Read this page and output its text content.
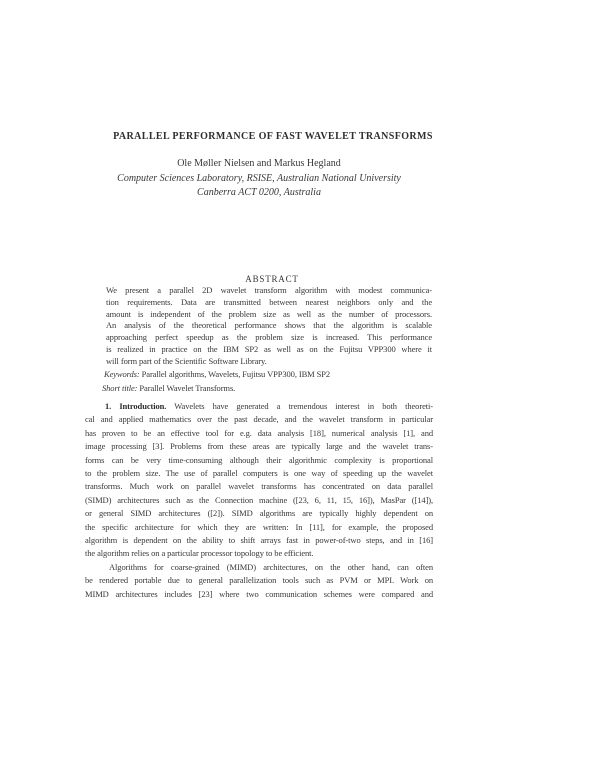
PARALLEL PERFORMANCE OF FAST WAVELET TRANSFORMS
Ole Møller Nielsen and Markus Hegland
Computer Sciences Laboratory, RSISE, Australian National University
Canberra ACT 0200, Australia
ABSTRACT
We present a parallel 2D wavelet transform algorithm with modest communica-
tion requirements. Data are transmitted between nearest neighbors only and the
amount is independent of the problem size as well as the number of processors.
An analysis of the theoretical performance shows that the algorithm is scalable
approaching perfect speedup as the problem size is increased. This performance
is realized in practice on the IBM SP2 as well as on the Fujitsu VPP300 where it
will form part of the Scientific Software Library.
Keywords: Parallel algorithms, Wavelets, Fujitsu VPP300, IBM SP2
Short title: Parallel Wavelet Transforms.
1. Introduction. Wavelets have generated a tremendous interest in both theoreti-
cal and applied mathematics over the past decade, and the wavelet transform in particular
has proven to be an effective tool for e.g. data analysis [18], numerical analysis [1], and
image processing [3]. Problems from these areas are typically large and the wavelet trans-
forms can be very time-consuming although their algorithmic complexity is proportional
to the problem size. The use of parallel computers is one way of speeding up the wavelet
transforms. Much work on parallel wavelet transforms has concentrated on data parallel
(SIMD) architectures such as the Connection machine ([23, 6, 11, 15, 16]), MasPar ([14]),
or general SIMD architectures ([2]). SIMD algorithms are typically highly dependent on
the specific architecture for which they are written: In [11], for example, the proposed
algorithm is dependent on the ability to shift arrays fast in power-of-two steps, and in [16]
the algorithm relies on a particular processor topology to be efficient.
Algorithms for coarse-grained (MIMD) architectures, on the other hand, can often
be rendered portable due to general parallelization tools such as PVM or MPI. Work on
MIMD architectures includes [23] where two communication schemes were compared and
